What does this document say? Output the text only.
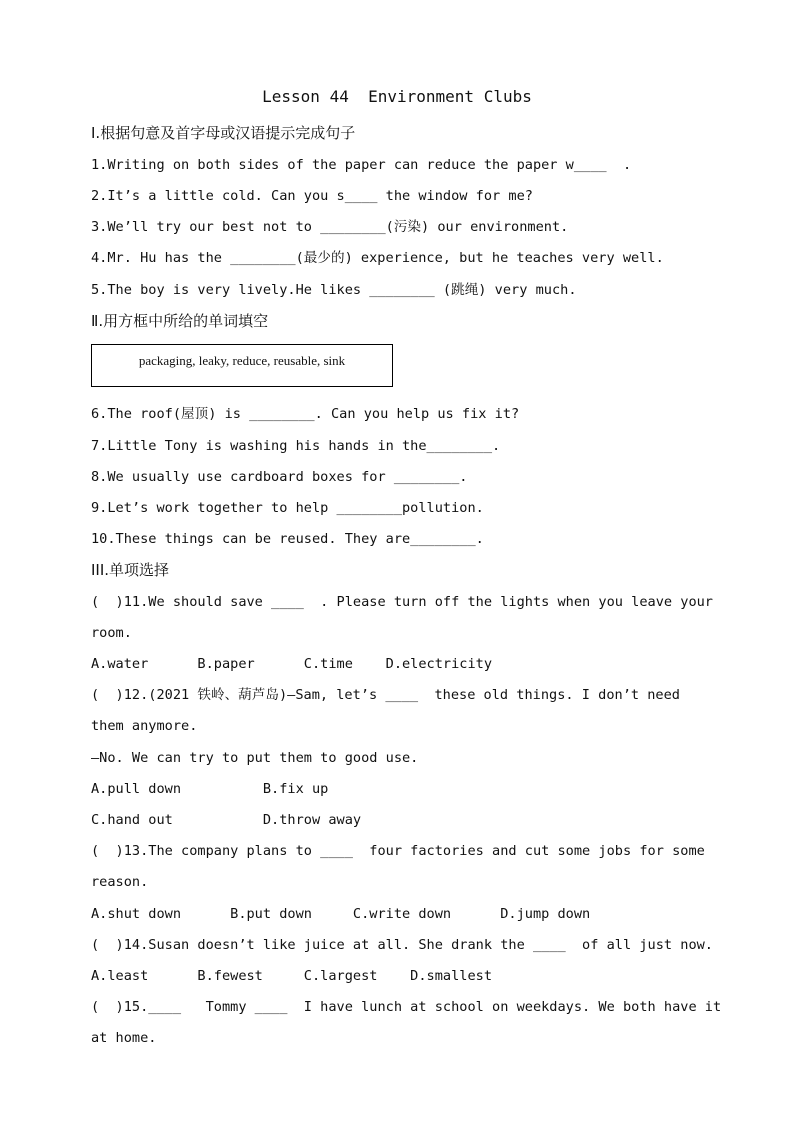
Lesson 44  Environment Clubs
Ⅰ.根据句意及首字母或汉语提示完成句子
1.Writing on both sides of the paper can reduce the paper w____  .
2.It’s a little cold. Can you s____ the window for me?
3.We’ll try our best not to ________(污染) our environment.
4.Mr. Hu has the ________(最少的) experience, but he teaches very well.
5.The boy is very lively.He likes ________ (跳绳) very much.
Ⅱ.用方框中所给的单词填空
packaging, leaky, reduce, reusable, sink
6.The roof(屋顶) is ________. Can you help us fix it?
7.Little Tony is washing his hands in the________.
8.We usually use cardboard boxes for ________.
9.Let’s work together to help ________pollution.
10.These things can be reused. They are________.
III.单项选择
(  )11.We should save ____  . Please turn off the lights when you leave your
room.
A.water      B.paper      C.time    D.electricity
(  )12.(2021 铁岭、葫芦岛)—Sam, let’s ____  these old things. I don’t need
them anymore.
—No. We can try to put them to good use.
A.pull down          B.fix up
C.hand out           D.throw away
(  )13.The company plans to ____  four factories and cut some jobs for some
reason.
A.shut down      B.put down     C.write down      D.jump down
(  )14.Susan doesn’t like juice at all. She drank the ____  of all just now.
A.least      B.fewest     C.largest    D.smallest
(  )15.____   Tommy ____  I have lunch at school on weekdays. We both have it
at home.
